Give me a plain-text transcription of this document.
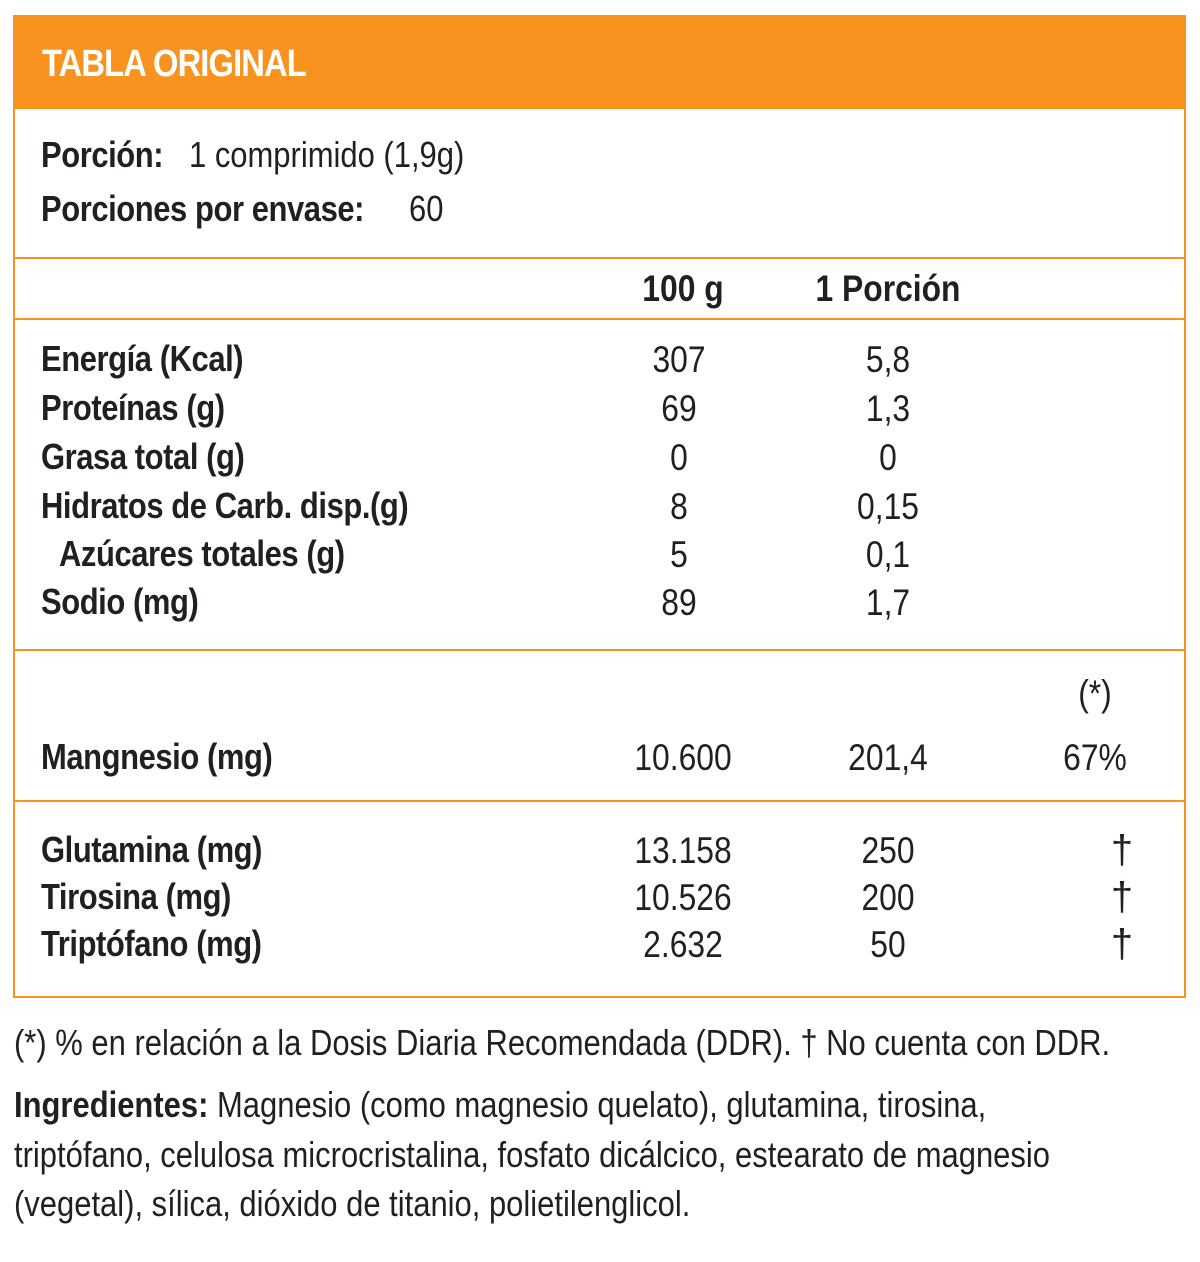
TABLA ORIGINAL
Porción: 1 comprimido (1,9g)
Porciones por envase: 60
100 g	1 Porción
Energía (Kcal)	307	5,8
Proteínas (g)	69	1,3
Grasa total (g)	0	0
Hidratos de Carb. disp.(g)	8	0,15
Azúcares totales (g)	5	0,1
Sodio (mg)	89	1,7
(*)
Mangnesio (mg)	10.600	201,4	67%
Glutamina (mg)	13.158	250	†
Tirosina (mg)	10.526	200	†
Triptófano (mg)	2.632	50	†
(*) % en relación a la Dosis Diaria Recomendada (DDR). † No cuenta con DDR.
Ingredientes: Magnesio (como magnesio quelato), glutamina, tirosina,
triptófano, celulosa microcristalina, fosfato dicálcico, estearato de magnesio
(vegetal), sílica, dióxido de titanio, polietilenglicol.
